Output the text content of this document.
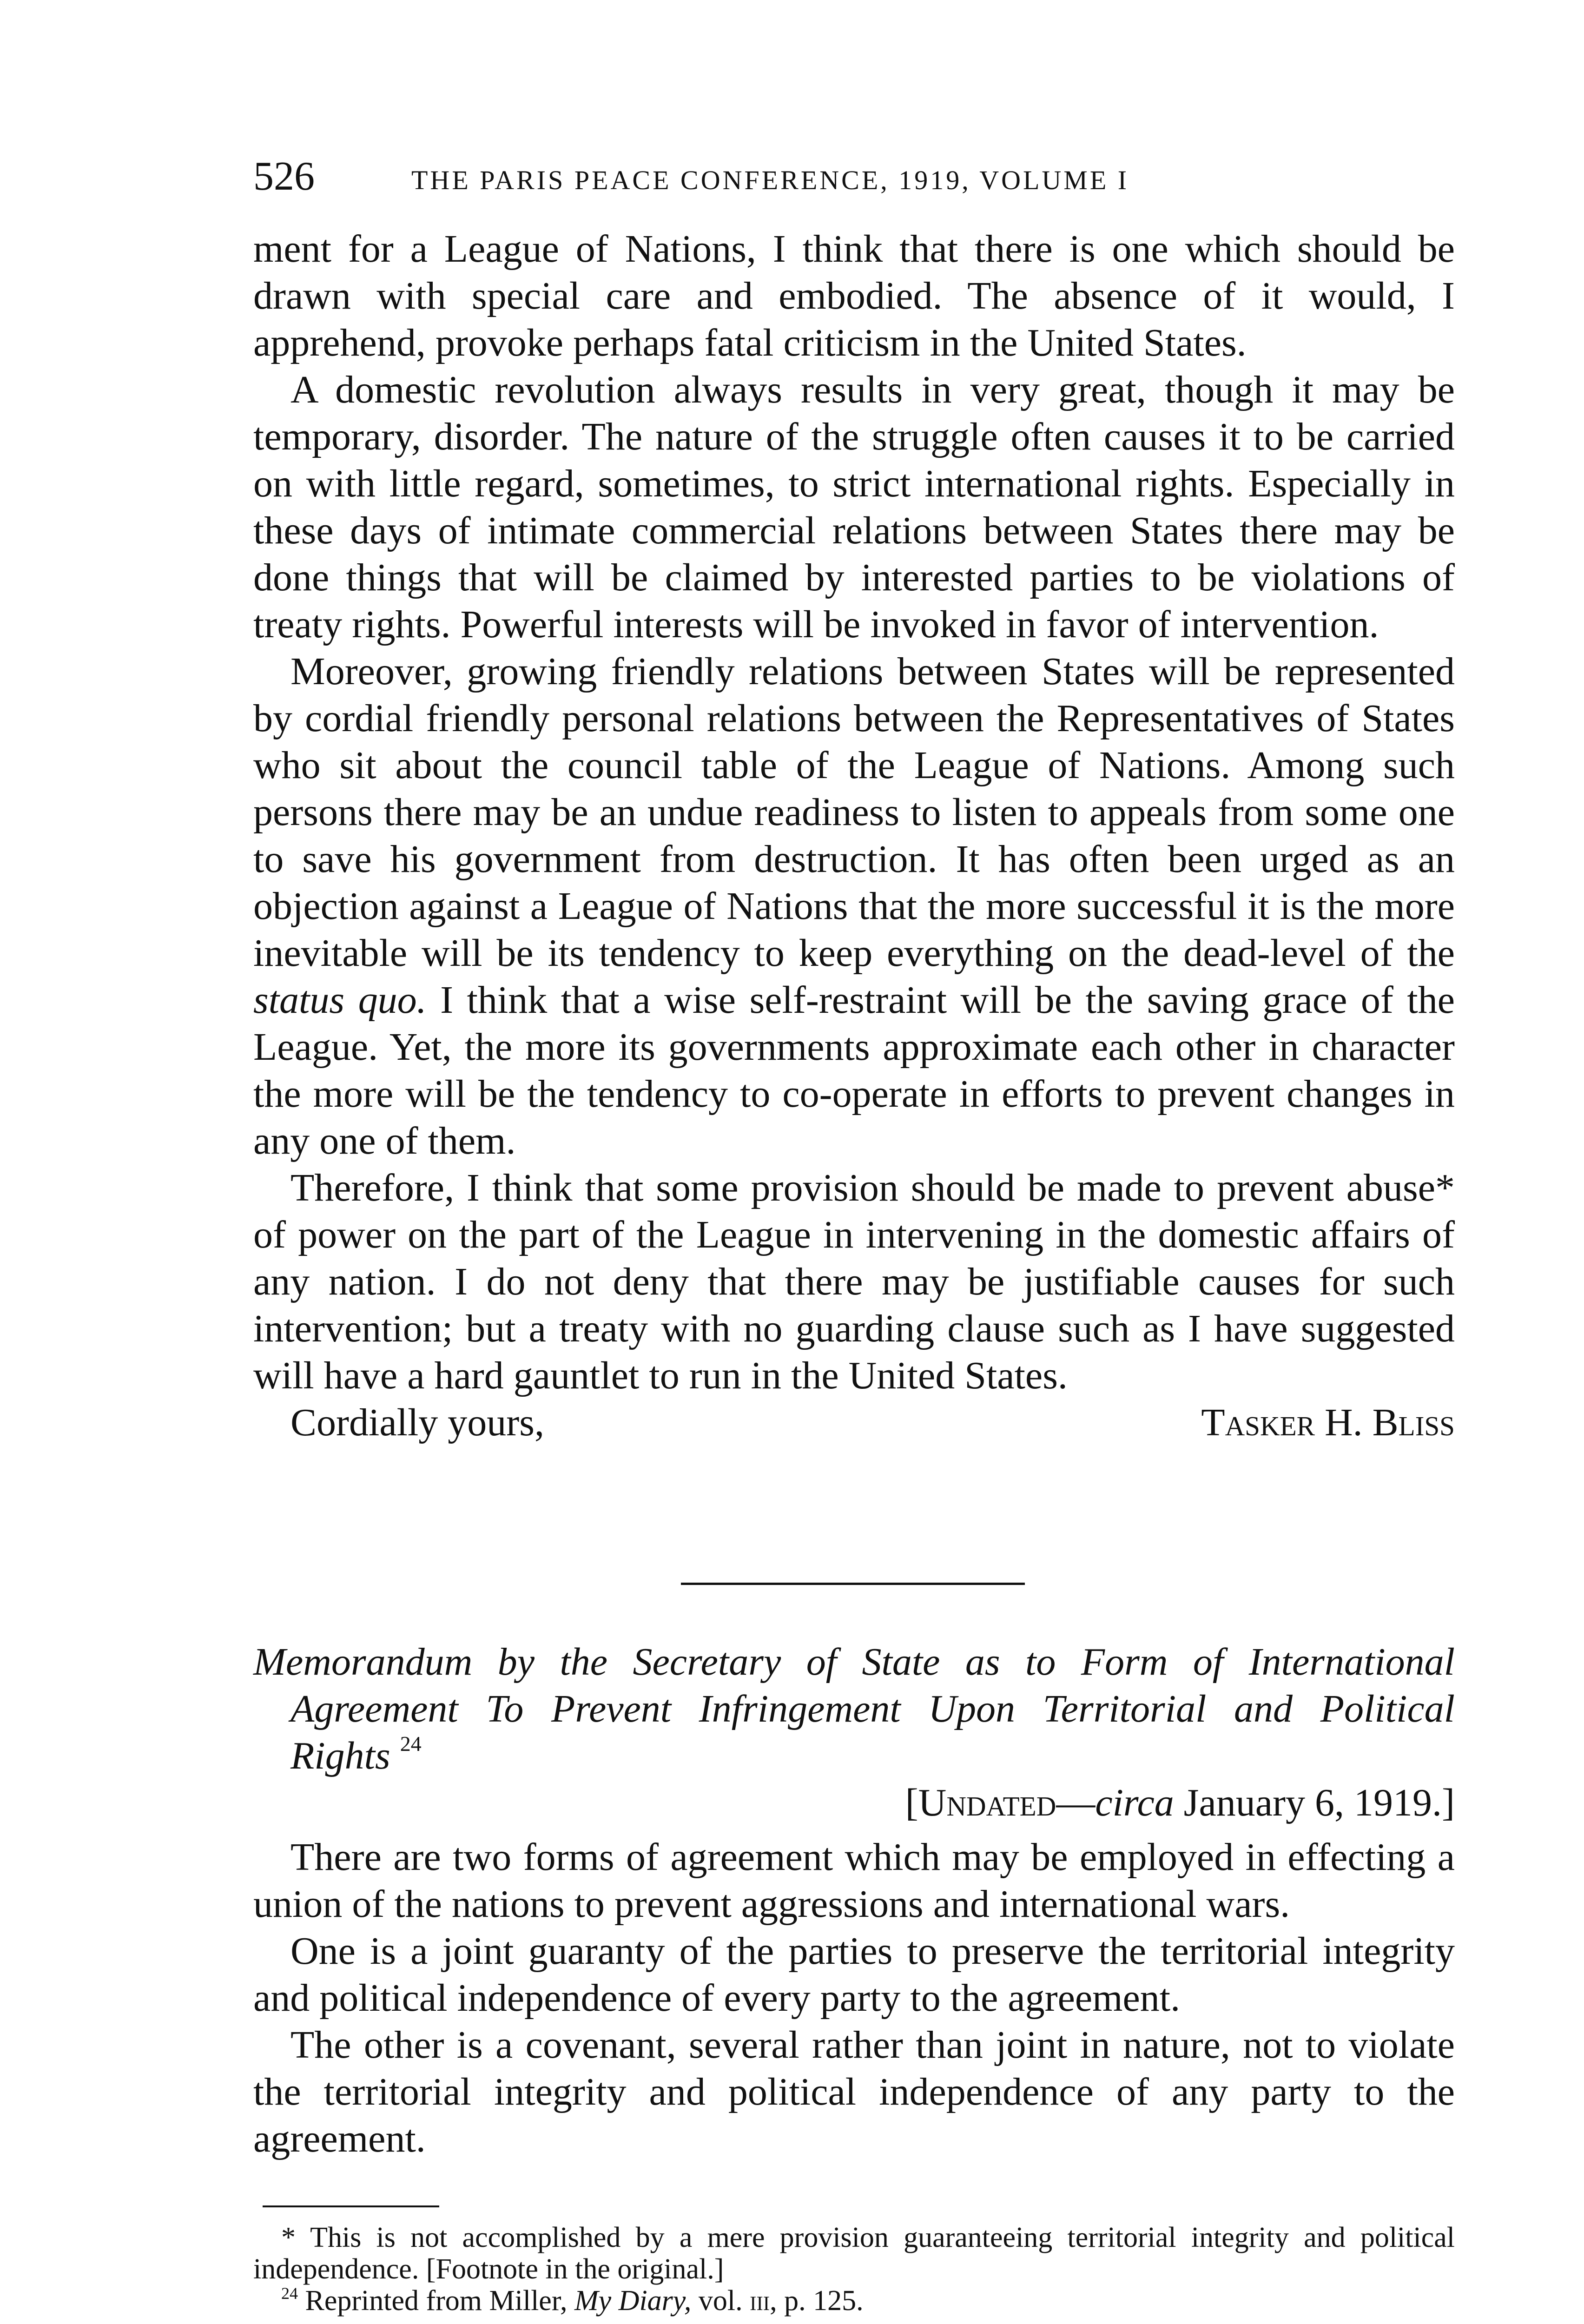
526	THE PARIS PEACE CONFERENCE, 1919, VOLUME I

ment for a League of Nations, I think that there is one which should be drawn with special care and embodied. The absence of it would, I apprehend, provoke perhaps fatal criticism in the United States.

A domestic revolution always results in very great, though it may be temporary, disorder. The nature of the struggle often causes it to be carried on with little regard, sometimes, to strict international rights. Especially in these days of intimate commercial relations between States there may be done things that will be claimed by interested parties to be violations of treaty rights. Powerful interests will be invoked in favor of intervention.

Moreover, growing friendly relations between States will be represented by cordial friendly personal relations between the Representatives of States who sit about the council table of the League of Nations. Among such persons there may be an undue readiness to listen to appeals from some one to save his government from destruction. It has often been urged as an objection against a League of Nations that the more successful it is the more inevitable will be its tendency to keep everything on the dead-level of the status quo. I think that a wise self-restraint will be the saving grace of the League. Yet, the more its governments approximate each other in character the more will be the tendency to co-operate in efforts to prevent changes in any one of them.

Therefore, I think that some provision should be made to prevent abuse* of power on the part of the League in intervening in the domestic affairs of any nation. I do not deny that there may be justifiable causes for such intervention; but a treaty with no guarding clause such as I have suggested will have a hard gauntlet to run in the United States.

Cordially yours,	Tasker H. Bliss
Memorandum by the Secretary of State as to Form of International Agreement To Prevent Infringement Upon Territorial and Political Rights $^{24}$
[Undated—circa January 6, 1919.]

There are two forms of agreement which may be employed in effecting a union of the nations to prevent aggressions and international wars.

One is a joint guaranty of the parties to preserve the territorial integrity and political independence of every party to the agreement.

The other is a covenant, several rather than joint in nature, not to violate the territorial integrity and political independence of any party to the agreement.

* This is not accomplished by a mere provision guaranteeing territorial integrity and political independence. [Footnote in the original.]

$^{24}$ Reprinted from Miller, My Diary, vol. iii, p. 125.
